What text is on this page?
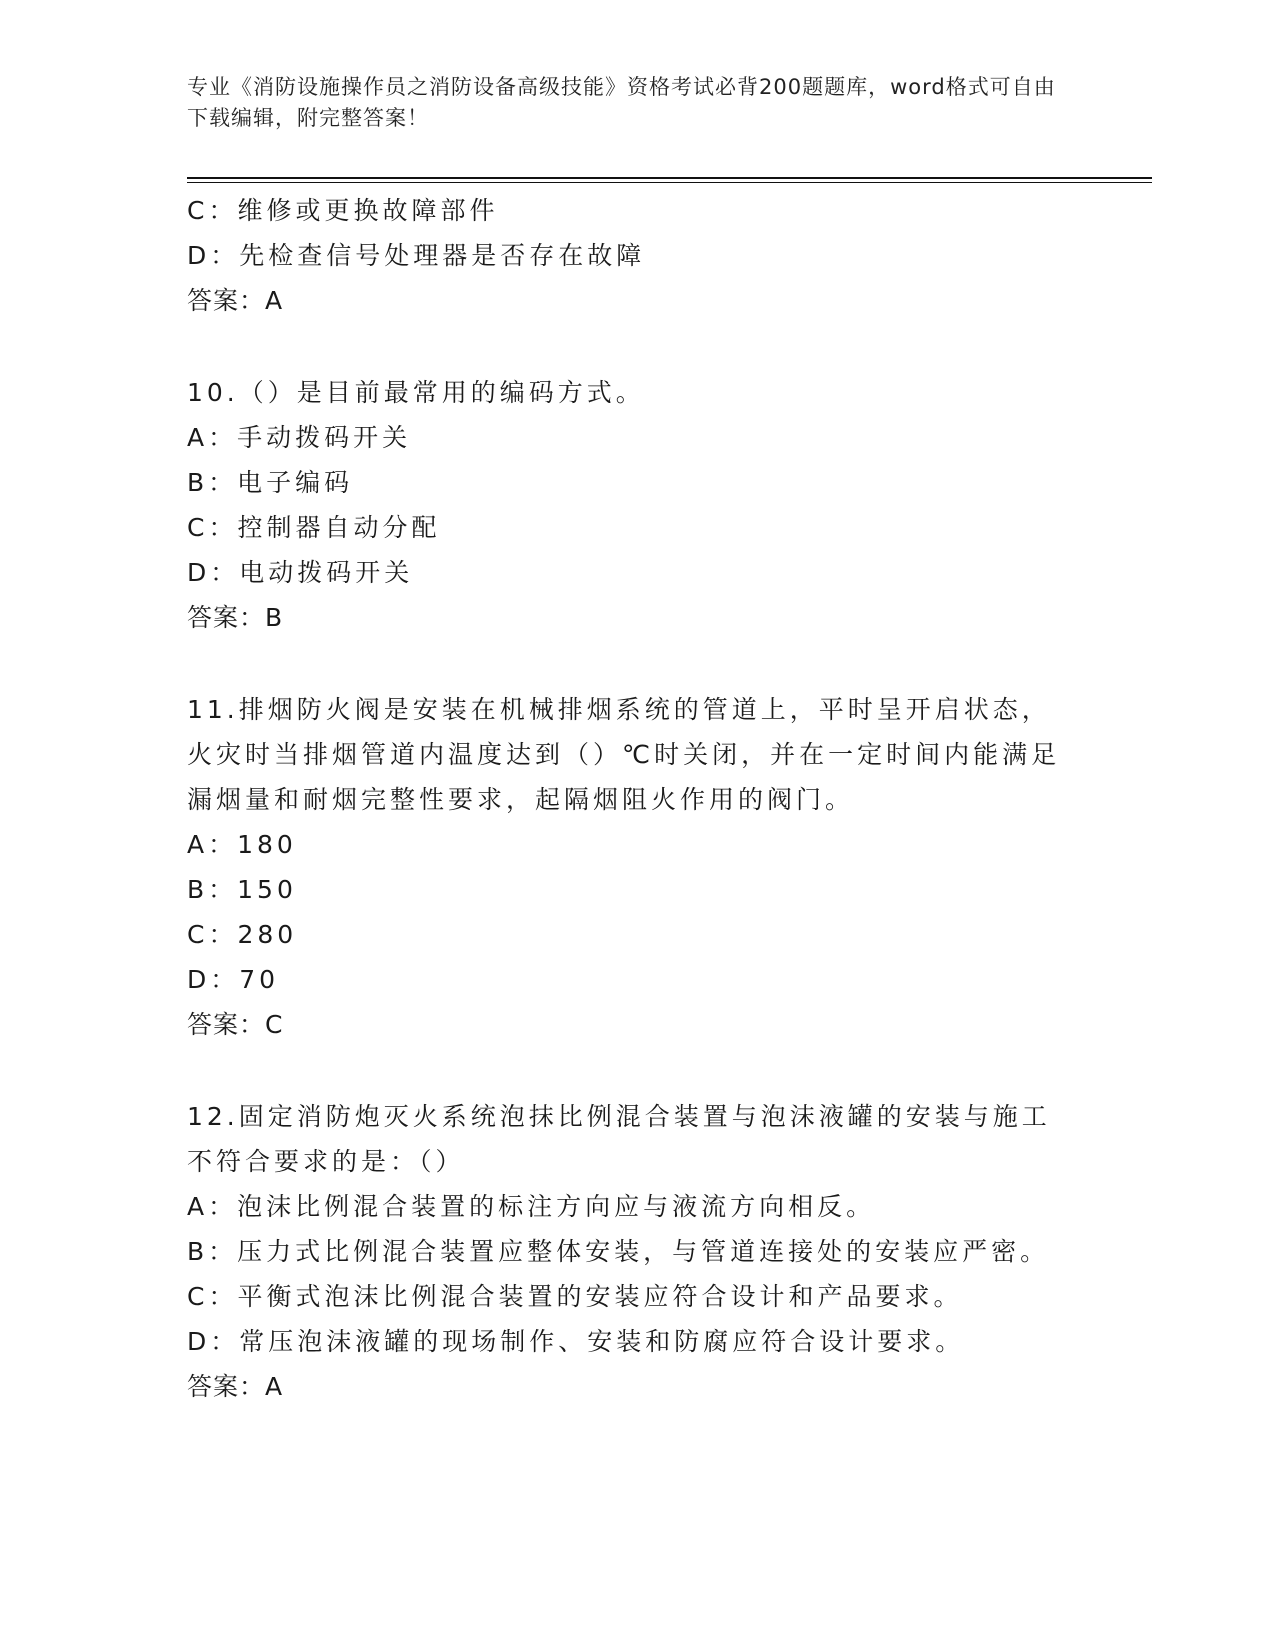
专业《消防设施操作员之消防设备高级技能》资格考试必背200题题库，word格式可自由下载编辑，附完整答案！
C：维修或更换故障部件
D：先检查信号处理器是否存在故障
答案：A
10.（）是目前最常用的编码方式。
A：手动拨码开关
B：电子编码
C：控制器自动分配
D：电动拨码开关
答案：B
11.排烟防火阀是安装在机械排烟系统的管道上，平时呈开启状态，火灾时当排烟管道内温度达到（）℃时关闭，并在一定时间内能满足漏烟量和耐烟完整性要求，起隔烟阻火作用的阀门。
A：180
B：150
C：280
D：70
答案：C
12.固定消防炮灭火系统泡抹比例混合装置与泡沫液罐的安装与施工不符合要求的是：（）
A：泡沫比例混合装置的标注方向应与液流方向相反。
B：压力式比例混合装置应整体安装，与管道连接处的安装应严密。
C：平衡式泡沫比例混合装置的安装应符合设计和产品要求。
D：常压泡沫液罐的现场制作、安装和防腐应符合设计要求。
答案：A
